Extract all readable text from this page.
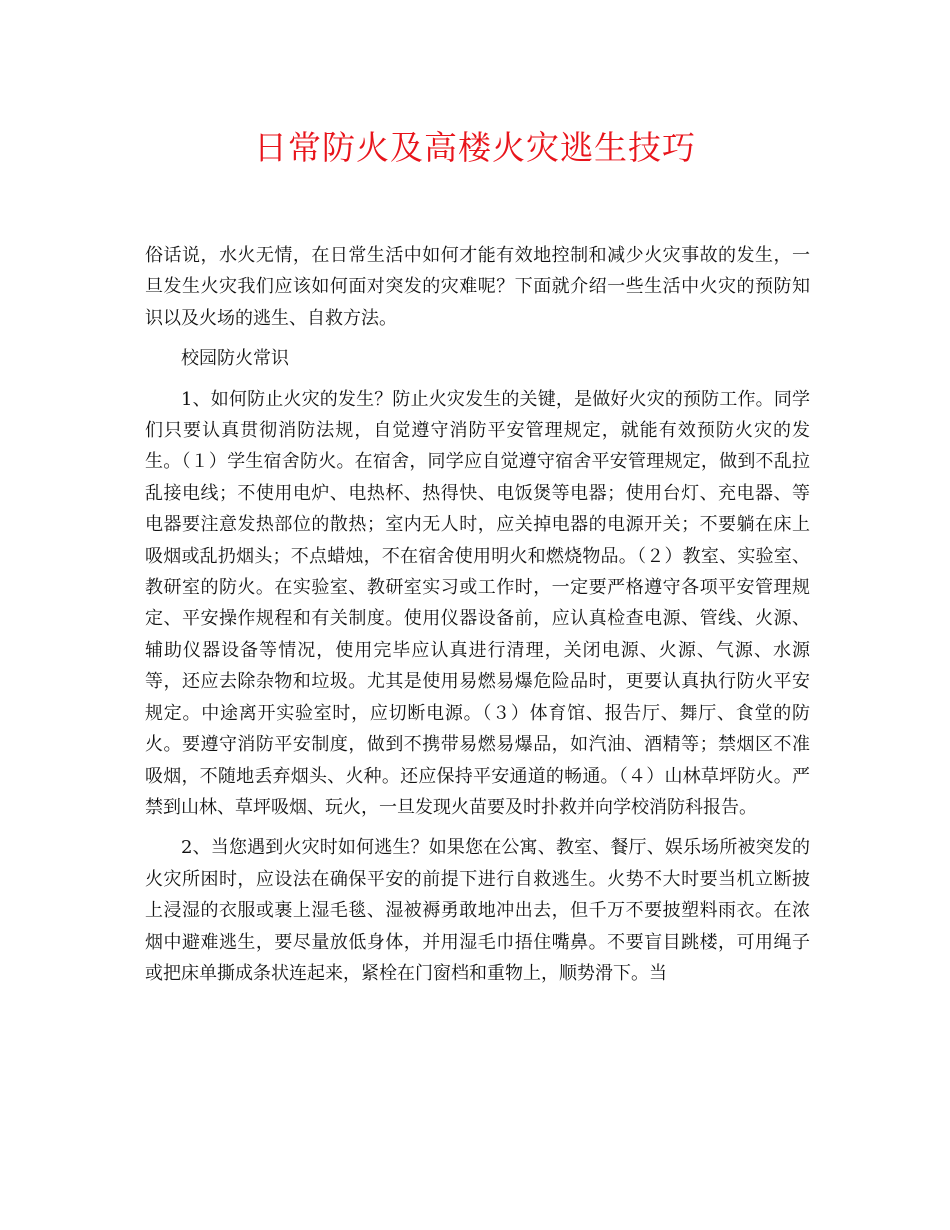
日常防火及高楼火灾逃生技巧

俗话说，水火无情，在日常生活中如何才能有效地控制和减少火灾事故的发生，一旦发生火灾我们应该如何面对突发的灾难呢？下面就介绍一些生活中火灾的预防知识以及火场的逃生、自救方法。

校园防火常识

1、如何防止火灾的发生？防止火灾发生的关键，是做好火灾的预防工作。同学们只要认真贯彻消防法规，自觉遵守消防平安管理规定，就能有效预防火灾的发生。（１）学生宿舍防火。在宿舍，同学应自觉遵守宿舍平安管理规定，做到不乱拉乱接电线；不使用电炉、电热杯、热得快、电饭煲等电器；使用台灯、充电器、等电器要注意发热部位的散热；室内无人时，应关掉电器的电源开关；不要躺在床上吸烟或乱扔烟头；不点蜡烛，不在宿舍使用明火和燃烧物品。（２）教室、实验室、教研室的防火。在实验室、教研室实习或工作时，一定要严格遵守各项平安管理规定、平安操作规程和有关制度。使用仪器设备前，应认真检查电源、管线、火源、辅助仪器设备等情况，使用完毕应认真进行清理，关闭电源、火源、气源、水源等，还应去除杂物和垃圾。尤其是使用易燃易爆危险品时，更要认真执行防火平安规定。中途离开实验室时，应切断电源。（３）体育馆、报告厅、舞厅、食堂的防火。要遵守消防平安制度，做到不携带易燃易爆品，如汽油、酒精等；禁烟区不准吸烟，不随地丢弃烟头、火种。还应保持平安通道的畅通。（４）山林草坪防火。严禁到山林、草坪吸烟、玩火，一旦发现火苗要及时扑救并向学校消防科报告。

2、当您遇到火灾时如何逃生？如果您在公寓、教室、餐厅、娱乐场所被突发的火灾所困时，应设法在确保平安的前提下进行自救逃生。火势不大时要当机立断披上浸湿的衣服或裹上湿毛毯、湿被褥勇敢地冲出去，但千万不要披塑料雨衣。在浓烟中避难逃生，要尽量放低身体，并用湿毛巾捂住嘴鼻。不要盲目跳楼，可用绳子或把床单撕成条状连起来，紧栓在门窗档和重物上，顺势滑下。当
